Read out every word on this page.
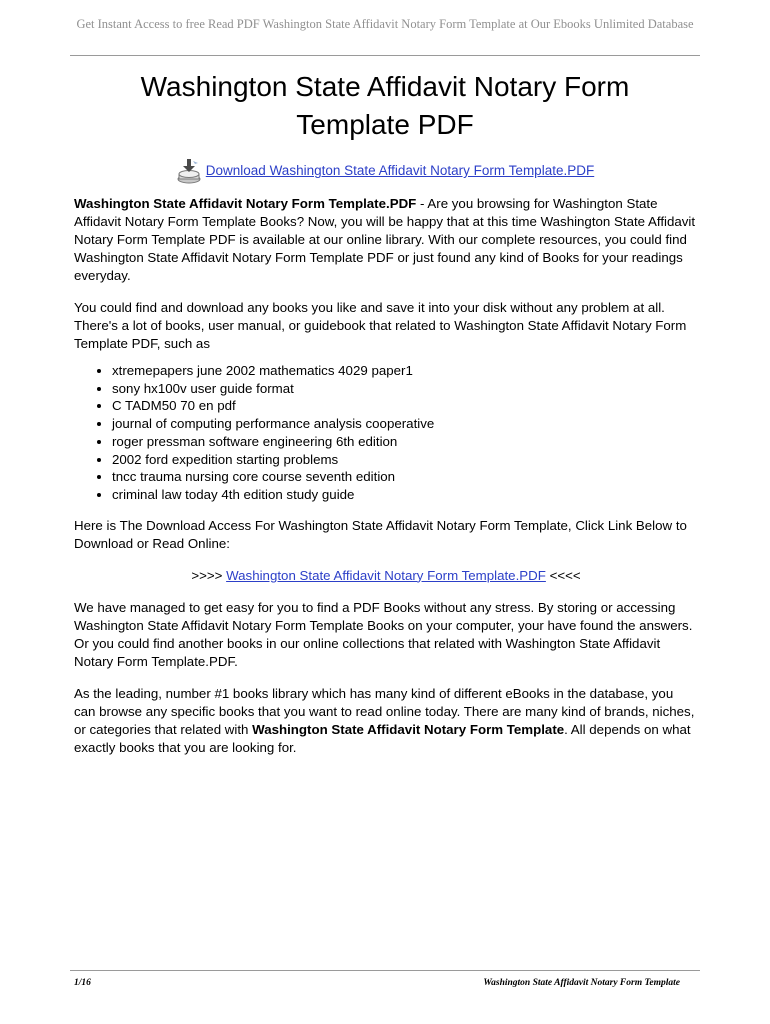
Get Instant Access to free Read PDF Washington State Affidavit Notary Form Template at Our Ebooks Unlimited Database
Washington State Affidavit Notary Form Template PDF
Download Washington State Affidavit Notary Form Template.PDF

Washington State Affidavit Notary Form Template.PDF - Are you browsing for Washington State Affidavit Notary Form Template Books? Now, you will be happy that at this time Washington State Affidavit Notary Form Template PDF is available at our online library. With our complete resources, you could find Washington State Affidavit Notary Form Template PDF or just found any kind of Books for your readings everyday.

You could find and download any books you like and save it into your disk without any problem at all. There's a lot of books, user manual, or guidebook that related to Washington State Affidavit Notary Form Template PDF, such as

• xtremepapers june 2002 mathematics 4029 paper1
• sony hx100v user guide format
• C TADM50 70 en pdf
• journal of computing performance analysis cooperative
• roger pressman software engineering 6th edition
• 2002 ford expedition starting problems
• tncc trauma nursing core course seventh edition
• criminal law today 4th edition study guide

Here is The Download Access For Washington State Affidavit Notary Form Template, Click Link Below to Download or Read Online:

>>>> Washington State Affidavit Notary Form Template.PDF <<<<

We have managed to get easy for you to find a PDF Books without any stress. By storing or accessing Washington State Affidavit Notary Form Template Books on your computer, your have found the answers. Or you could find another books in our online collections that related with Washington State Affidavit Notary Form Template.PDF.

As the leading, number #1 books library which has many kind of different eBooks in the database, you can browse any specific books that you want to read online today. There are many kind of brands, niches, or categories that related with Washington State Affidavit Notary Form Template. All depends on what exactly books that you are looking for.

1/16	Washington State Affidavit Notary Form Template
